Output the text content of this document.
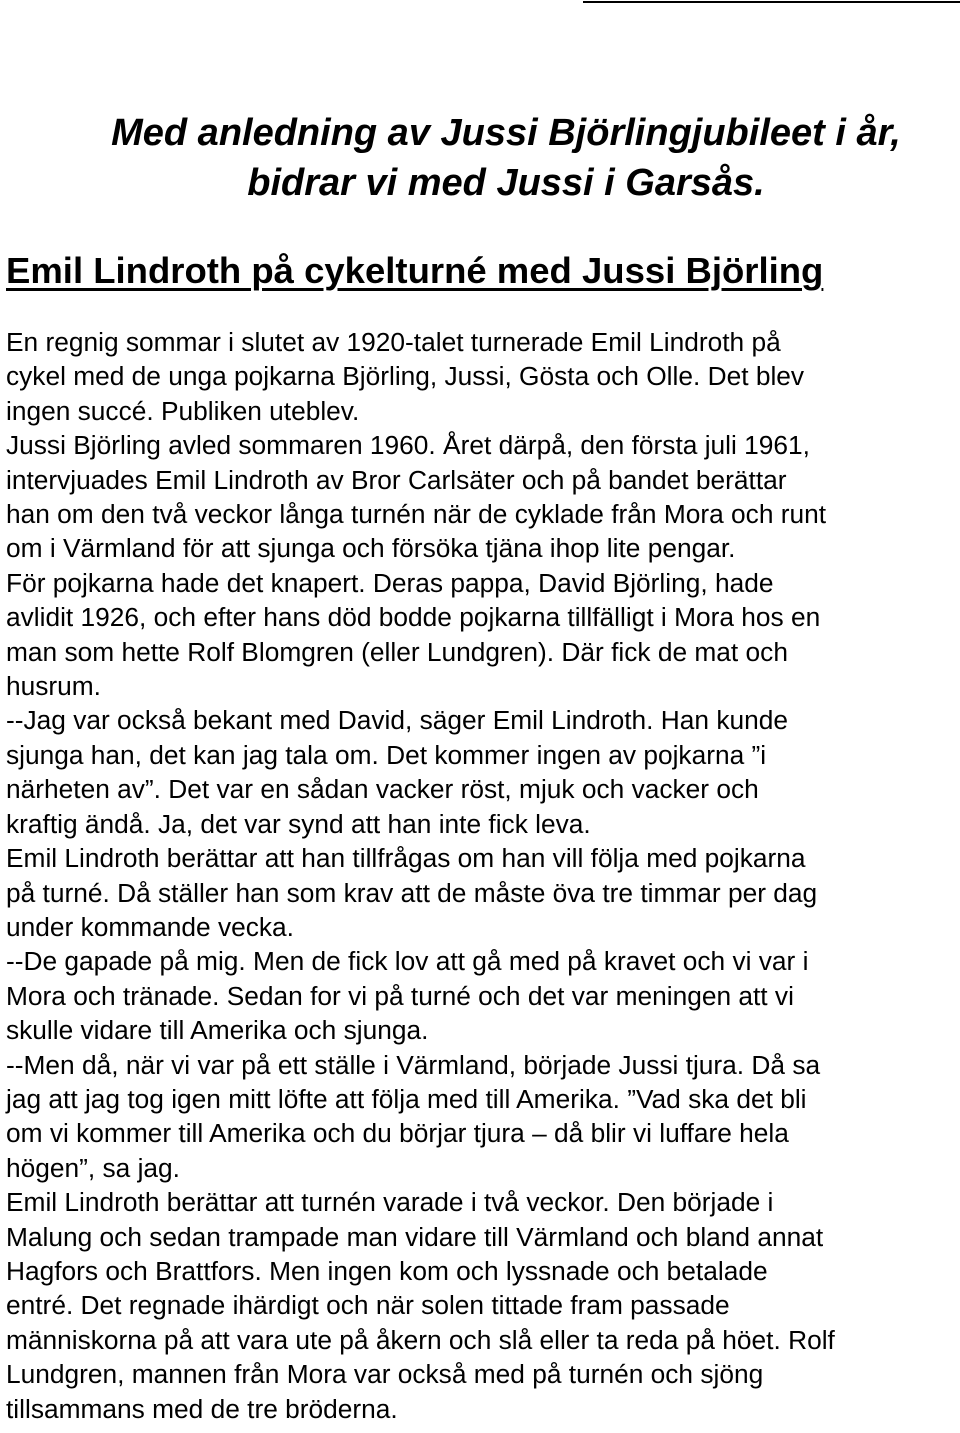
Med anledning av Jussi Björlingjubileet i år,
bidrar vi med Jussi i Garsås.
Emil Lindroth på cykelturné med Jussi Björling
En regnig sommar i slutet av 1920-talet turnerade Emil Lindroth på
cykel med de unga pojkarna Björling, Jussi, Gösta och Olle. Det blev
ingen succé. Publiken uteblev.
Jussi Björling avled sommaren 1960. Året därpå, den första juli 1961,
intervjuades Emil Lindroth av Bror Carlsäter och på bandet berättar
han om den två veckor långa turnén när de cyklade från Mora och runt
om i Värmland för att sjunga och försöka tjäna ihop lite pengar.
För pojkarna hade det knapert. Deras pappa, David Björling, hade
avlidit 1926, och efter hans död bodde pojkarna tillfälligt i Mora hos en
man som hette Rolf Blomgren (eller Lundgren). Där fick de mat och
husrum.
--Jag var också bekant med David, säger Emil Lindroth. Han kunde
sjunga han, det kan jag tala om. Det kommer ingen av pojkarna ”i
närheten av”. Det var en sådan vacker röst, mjuk och vacker och
kraftig ändå. Ja, det var synd att han inte fick leva.
Emil Lindroth berättar att han tillfrågas om han vill följa med pojkarna
på turné. Då ställer han som krav att de måste öva tre timmar per dag
under kommande vecka.
--De gapade på mig. Men de fick lov att gå med på kravet och vi var i
Mora och tränade. Sedan for vi på turné och det var meningen att vi
skulle vidare till Amerika och sjunga.
--Men då, när vi var på ett ställe i Värmland, började Jussi tjura. Då sa
jag att jag tog igen mitt löfte att följa med till Amerika. ”Vad ska det bli
om vi kommer till Amerika och du börjar tjura – då blir vi luffare hela
högen”, sa jag.
Emil Lindroth berättar att turnén varade i två veckor. Den började i
Malung och sedan trampade man vidare till Värmland och bland annat
Hagfors och Brattfors. Men ingen kom och lyssnade och betalade
entré. Det regnade ihärdigt och när solen tittade fram passade
människorna på att vara ute på åkern och slå eller ta reda på höet. Rolf
Lundgren, mannen från Mora var också med på turnén och sjöng
tillsammans med de tre bröderna.
